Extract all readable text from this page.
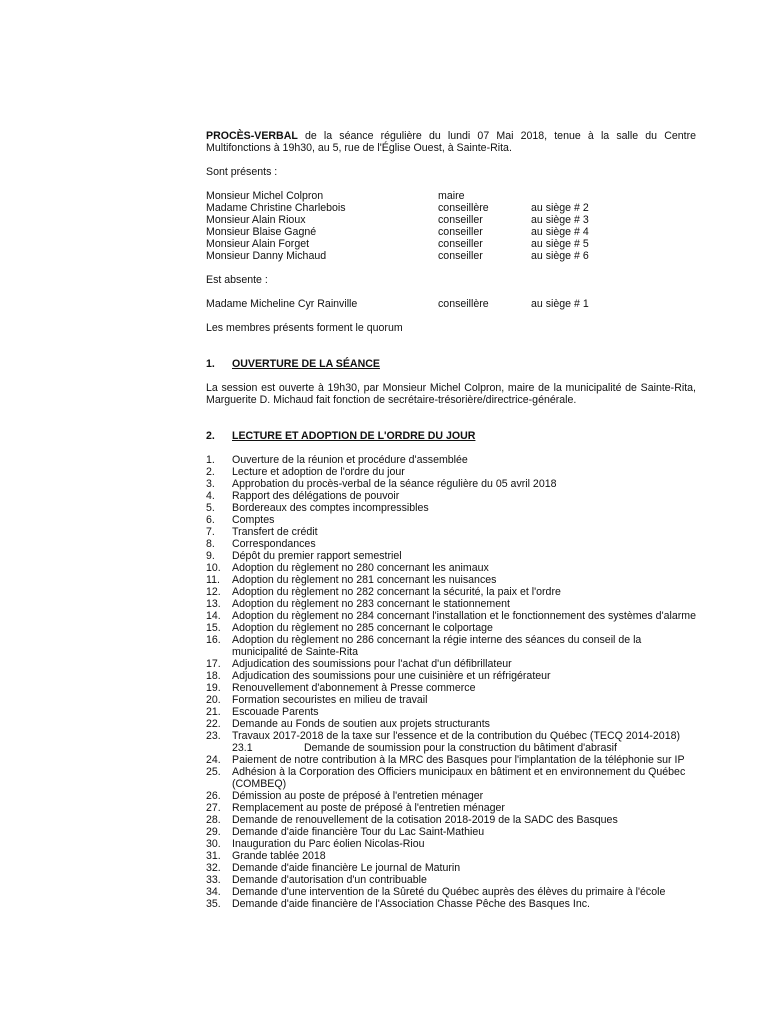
PROCÈS-VERBAL de la séance régulière du lundi 07 Mai 2018, tenue à la salle du Centre Multifonctions à 19h30, au 5, rue de l'Église Ouest, à Sainte-Rita.

Sont présents :
Monsieur Michel Colpron	maire
Madame Christine Charlebois	conseillère	au siège # 2
Monsieur Alain Rioux	conseiller	au siège # 3
Monsieur Blaise Gagné	conseiller	au siège # 4
Monsieur Alain Forget	conseiller	au siège # 5
Monsieur Danny Michaud	conseiller	au siège # 6
Est absente :
Madame Micheline Cyr Rainville	conseillère	au siège # 1
Les membres présents forment le quorum
1. OUVERTURE DE LA SÉANCE

La session est ouverte à 19h30, par Monsieur Michel Colpron, maire de la municipalité de Sainte-Rita, Marguerite D. Michaud fait fonction de secrétaire-trésorière/directrice-générale.

2. LECTURE ET ADOPTION DE L'ORDRE DU JOUR
1. Ouverture de la réunion et procédure d'assemblée
2. Lecture et adoption de l'ordre du jour
3. Approbation du procès-verbal de la séance régulière du 05 avril 2018
4. Rapport des délégations de pouvoir
5. Bordereaux des comptes incompressibles
6. Comptes
7. Transfert de crédit
8. Correspondances
9. Dépôt du premier rapport semestriel
10. Adoption du règlement no 280 concernant les animaux
11. Adoption du règlement no 281 concernant les nuisances
12. Adoption du règlement no 282 concernant la sécurité, la paix et l'ordre
13. Adoption du règlement no 283 concernant le stationnement
14. Adoption du règlement no 284 concernant l'installation et le fonctionnement des systèmes d'alarme
15. Adoption du règlement no 285 concernant le colportage
16. Adoption du règlement no 286 concernant la régie interne des séances du conseil de la municipalité de Sainte-Rita
17. Adjudication des soumissions pour l'achat d'un défibrillateur
18. Adjudication des soumissions pour une cuisinière et un réfrigérateur
19. Renouvellement d'abonnement à Presse commerce
20. Formation secouristes en milieu de travail
21. Escouade Parents
22. Demande au Fonds de soutien aux projets structurants
23. Travaux 2017-2018 de la taxe sur l'essence et de la contribution du Québec (TECQ 2014-2018)
23.1	Demande de soumission pour la construction du bâtiment d'abrasif
24. Paiement de notre contribution à la MRC des Basques pour l'implantation de la téléphonie sur IP
25. Adhésion à la Corporation des Officiers municipaux en bâtiment et en environnement du Québec (COMBEQ)
26. Démission au poste de préposé à l'entretien ménager
27. Remplacement au poste de préposé à l'entretien ménager
28. Demande de renouvellement de la cotisation 2018-2019 de la SADC des Basques
29. Demande d'aide financière Tour du Lac Saint-Mathieu
30. Inauguration du Parc éolien Nicolas-Riou
31. Grande tablée 2018
32. Demande d'aide financière Le journal de Maturin
33. Demande d'autorisation d'un contribuable
34. Demande d'une intervention de la Sûreté du Québec auprès des élèves du primaire à l'école
35. Demande d'aide financière de l'Association Chasse Pêche des Basques Inc.
